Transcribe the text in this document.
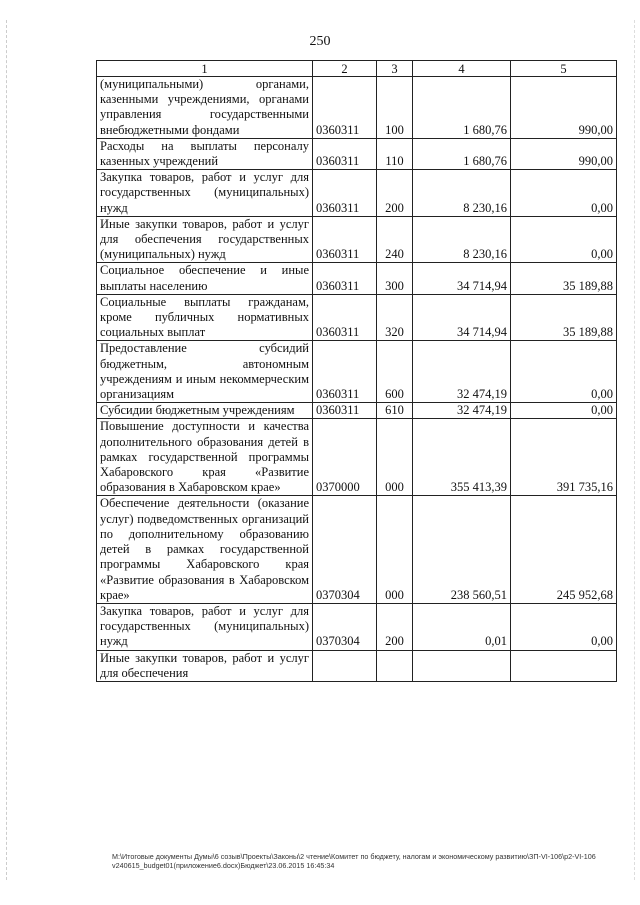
250
1	2	3	4	5
(муниципальными) органами, казенными учреждениями, органами управления государственными внебюджетными фондами	0360311	100	1 680,76	990,00
Расходы на выплаты персоналу казенных учреждений	0360311	110	1 680,76	990,00
Закупка товаров, работ и услуг для государственных (муниципальных) нужд	0360311	200	8 230,16	0,00
Иные закупки товаров, работ и услуг для обеспечения государственных (муниципальных) нужд	0360311	240	8 230,16	0,00
Социальное обеспечение и иные выплаты населению	0360311	300	34 714,94	35 189,88
Социальные выплаты гражданам, кроме публичных нормативных социальных выплат	0360311	320	34 714,94	35 189,88
Предоставление субсидий бюджетным, автономным учреждениям и иным некоммерческим организациям	0360311	600	32 474,19	0,00
Субсидии бюджетным учреждениям	0360311	610	32 474,19	0,00
Повышение доступности и качества дополнительного образования детей в рамках государственной программы Хабаровского края «Развитие образования в Хабаровском крае»	0370000	000	355 413,39	391 735,16
Обеспечение деятельности (оказание услуг) подведомственных организаций по дополнительному образованию детей в рамках государственной программы Хабаровского края «Развитие образования в Хабаровском крае»	0370304	000	238 560,51	245 952,68
Закупка товаров, работ и услуг для государственных (муниципальных) нужд	0370304	200	0,01	0,00
Иные закупки товаров, работ и услуг для обеспечения				
M:\Итоговые документы Думы\6 созыв\Проекты\Законы\2 чтение\Комитет по бюджету, налогам и экономическому развитию\ЗП-VI-106\p2-VI-106 v240615_budget01(приложение6.docx)Бюджет\23.06.2015 16:45:34
